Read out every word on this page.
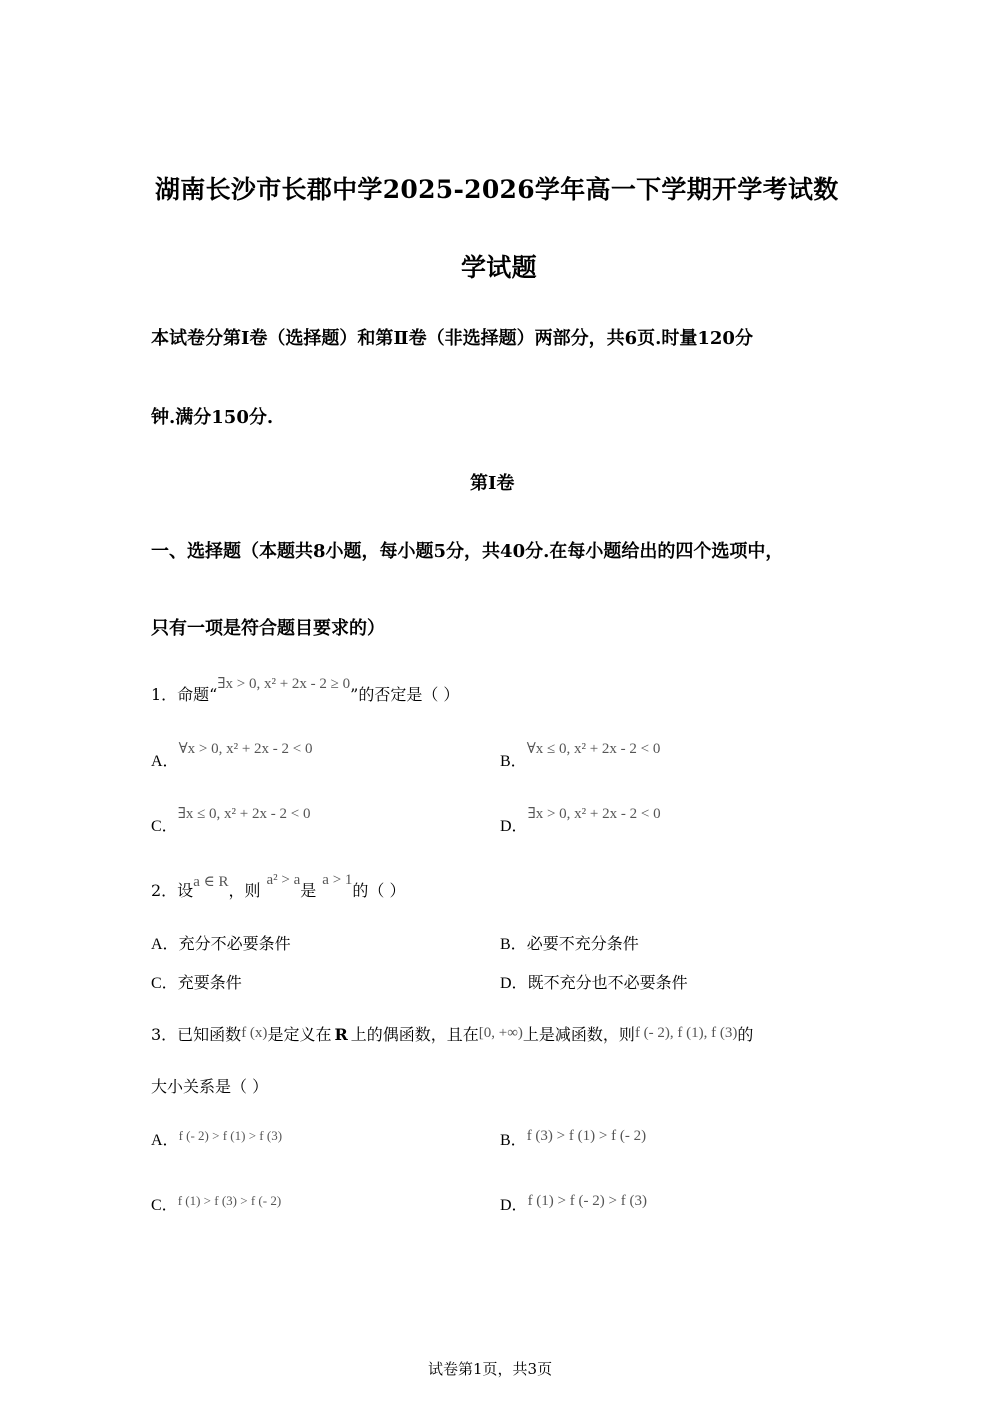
湖南长沙市长郡中学2025-2026学年高一下学期开学考试数
学试题
本试卷分第Ⅰ卷（选择题）和第Ⅱ卷（非选择题）两部分，共6页.时量120分
钟.满分150分.
第Ⅰ卷
一、选择题（本题共8小题，每小题5分，共40分.在每小题给出的四个选项中，
只有一项是符合题目要求的）
1．命题“∃x > 0, x² + 2x - 2 ≥ 0”的否定是（ ）
A．∀x > 0, x² + 2x - 2 < 0
B．∀x ≤ 0, x² + 2x - 2 < 0
C．∃x ≤ 0, x² + 2x - 2 < 0
D．∃x > 0, x² + 2x - 2 < 0
2．设a ∈ R，则a² > a是a > 1的（ ）
A．充分不必要条件	B．必要不充分条件
C．充要条件	D．既不充分也不必要条件
3．已知函数f (x)是定义在 R 上的偶函数，且在[0, +∞)上是减函数，则f (- 2), f (1), f (3)的
大小关系是（ ）
A．f (- 2) > f (1) > f (3)	B．f (3) > f (1) > f (- 2)
C．f (1) > f (3) > f (- 2)	D．f (1) > f (- 2) > f (3)
试卷第1页，共3页
